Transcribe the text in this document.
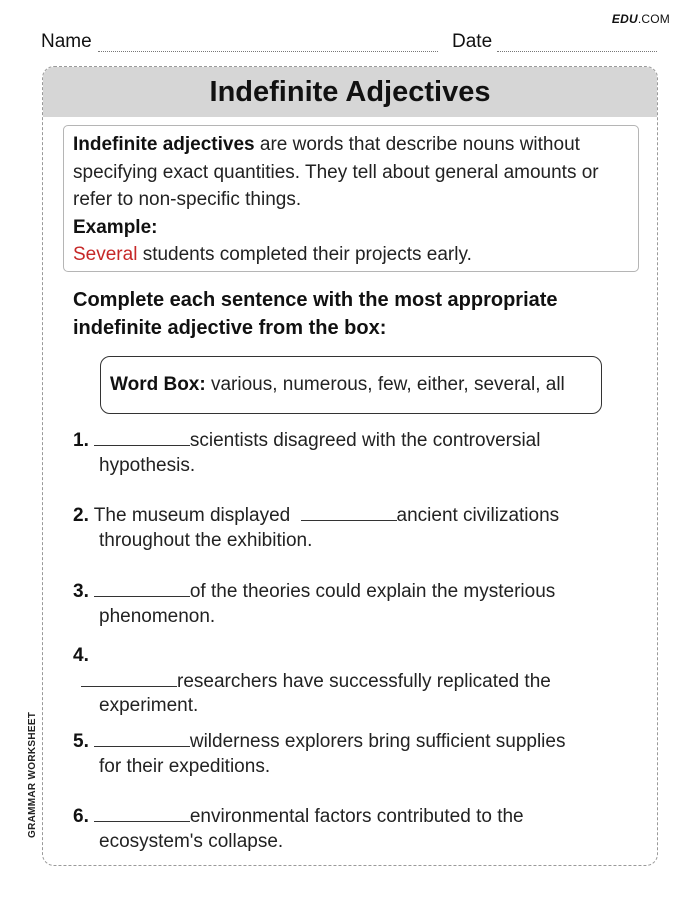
EDU.COM
Name	Date
GRAMMAR WORKSHEET
Indefinite Adjectives
Indefinite adjectives are words that describe nouns without specifying exact quantities. They tell about general amounts or refer to non-specific things.
Example:
Several students completed their projects early.
Complete each sentence with the most appropriate indefinite adjective from the box:
Word Box: various, numerous, few, either, several, all
1.	scientists disagreed with the controversial
hypothesis.
2. The museum displayed	ancient civilizations
throughout the exhibition.
3.	of the theories could explain the mysterious
phenomenon.
4.
researchers have successfully replicated the
experiment.
5.	wilderness explorers bring sufficient supplies
for their expeditions.
6.	environmental factors contributed to the
ecosystem's collapse.
